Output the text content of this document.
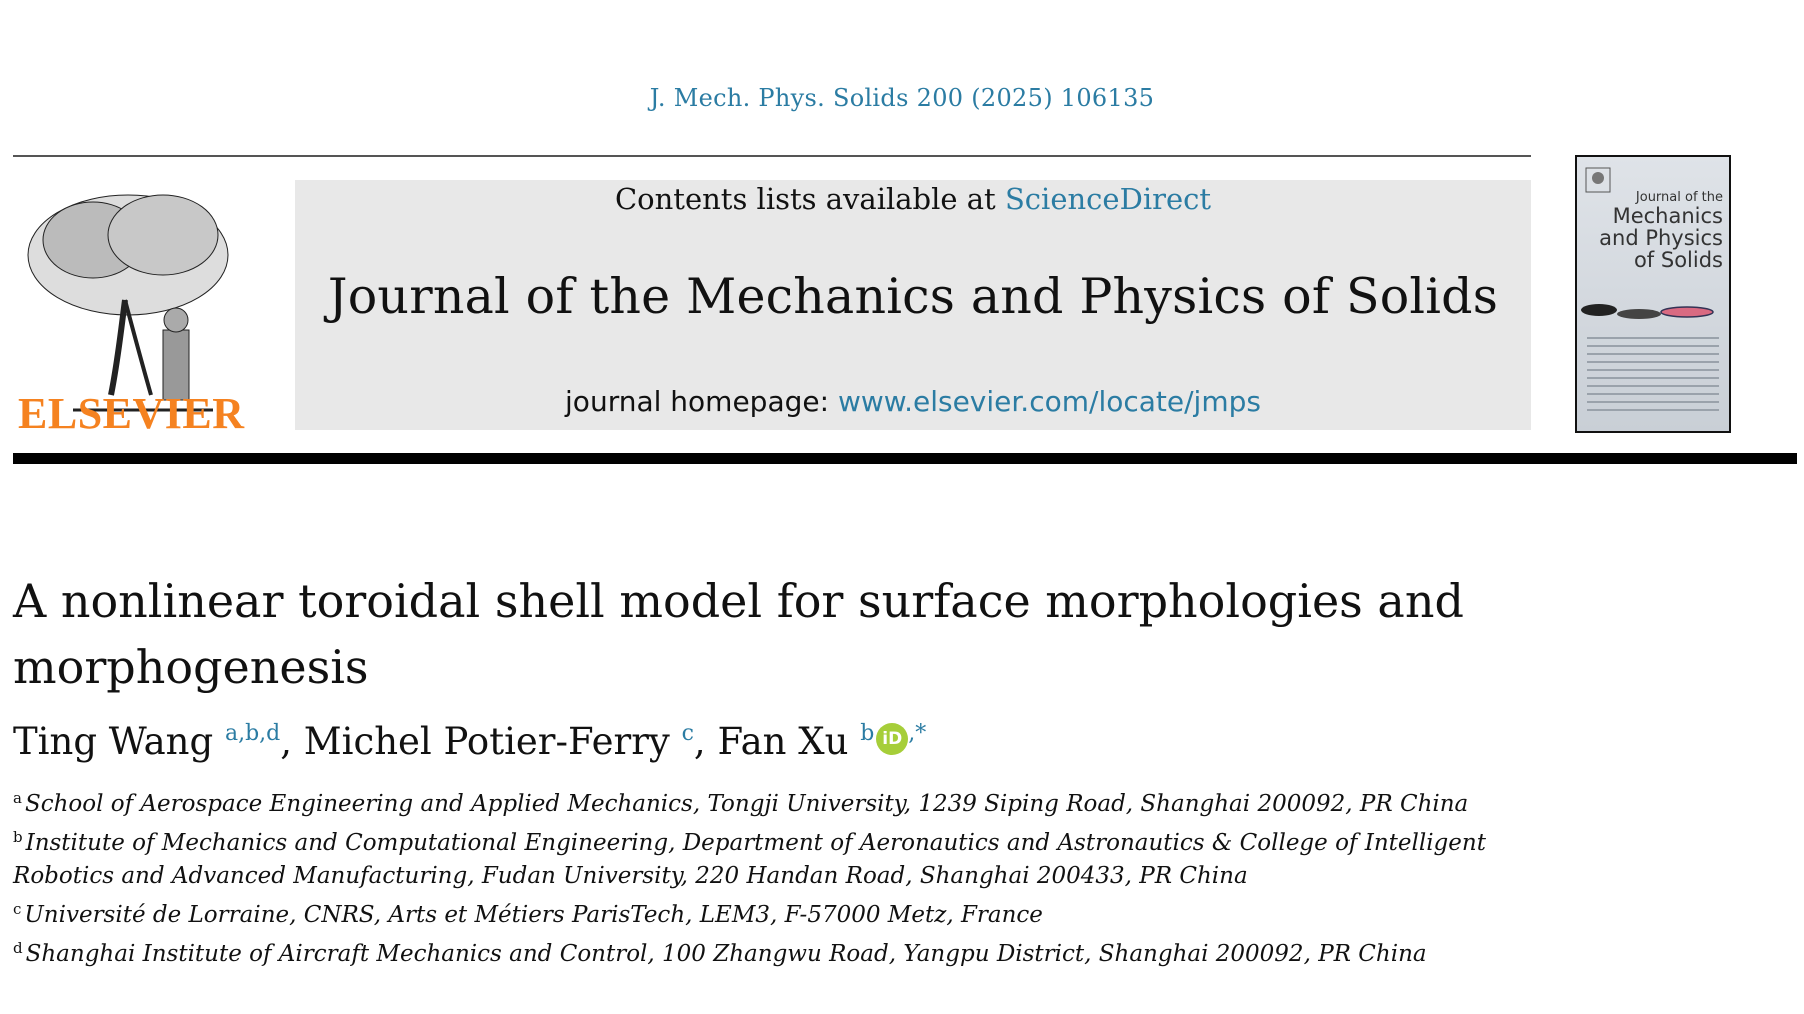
J. Mech. Phys. Solids 200 (2025) 106135
ELSEVIER
Contents lists available at ScienceDirect
Journal of the Mechanics and Physics of Solids
journal homepage: www.elsevier.com/locate/jmps
Journal of the
Mechanics
and Physics
of Solids
A nonlinear toroidal shell model for surface morphologies and morphogenesis
Ting Wang $^{a,b,d}$, Michel Potier-Ferry $^c$, Fan Xu $^b$ iD ,*
$^a$ School of Aerospace Engineering and Applied Mechanics, Tongji University, 1239 Siping Road, Shanghai 200092, PR China
$^b$ Institute of Mechanics and Computational Engineering, Department of Aeronautics and Astronautics & College of Intelligent Robotics and Advanced Manufacturing, Fudan University, 220 Handan Road, Shanghai 200433, PR China
$^c$ Université de Lorraine, CNRS, Arts et Métiers ParisTech, LEM3, F-57000 Metz, France
$^d$ Shanghai Institute of Aircraft Mechanics and Control, 100 Zhangwu Road, Yangpu District, Shanghai 200092, PR China
